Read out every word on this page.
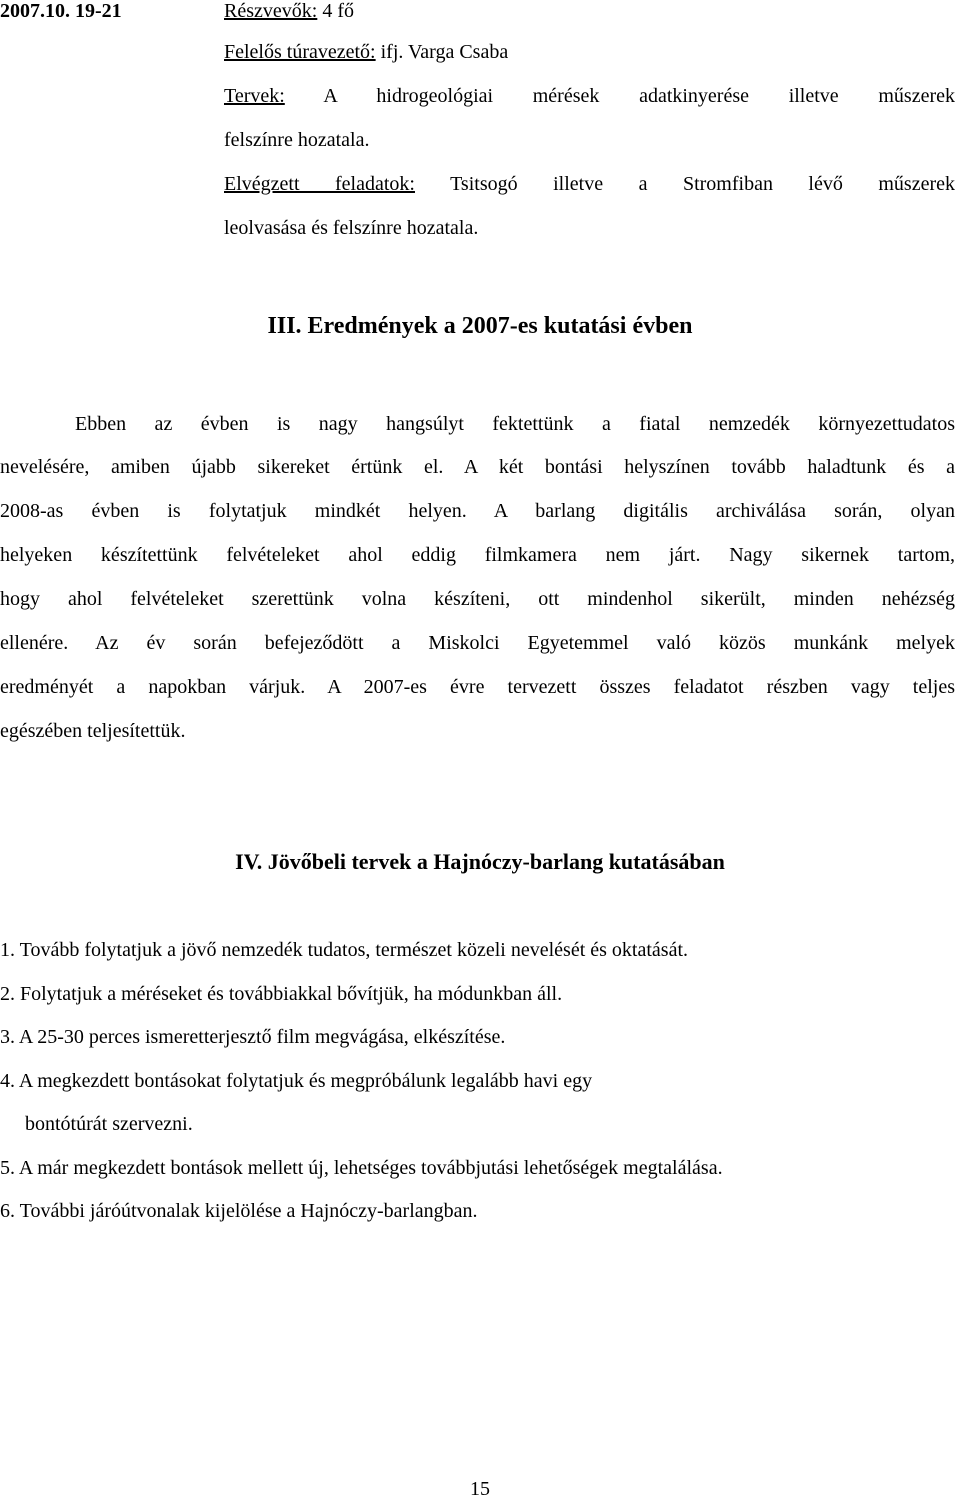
2007.10. 19-21	Részvevők: 4 fő
Felelős túravezető: ifj. Varga Csaba
Tervek: A hidrogeológiai mérések adatkinyerése illetve műszerek
felszínre hozatala.
Elvégzett feladatok: Tsitsogó illetve a Stromfiban lévő műszerek
leolvasása és felszínre hozatala.
III. Eredmények a 2007-es kutatási évben
Ebben az évben is nagy hangsúlyt fektettünk a fiatal nemzedék környezettudatos
nevelésére, amiben újabb sikereket értünk el. A két bontási helyszínen tovább haladtunk és a
2008-as évben is folytatjuk mindkét helyen. A barlang digitális archiválása során, olyan
helyeken készítettünk felvételeket ahol eddig filmkamera nem járt. Nagy sikernek tartom,
hogy ahol felvételeket szerettünk volna készíteni, ott mindenhol sikerült, minden nehézség
ellenére. Az év során befejeződött a Miskolci Egyetemmel való közös munkánk melyek
eredményét a napokban várjuk. A 2007-es évre tervezett összes feladatot részben vagy teljes
egészében teljesítettük.
IV. Jövőbeli tervek a Hajnóczy-barlang kutatásában
1. Tovább folytatjuk a jövő nemzedék tudatos, természet közeli nevelését és oktatását.
2. Folytatjuk a méréseket és továbbiakkal bővítjük, ha módunkban áll.
3. A 25-30 perces ismeretterjesztő film megvágása, elkészítése.
4. A megkezdett bontásokat folytatjuk és megpróbálunk legalább havi egy
bontótúrát szervezni.
5. A már megkezdett bontások mellett új, lehetséges továbbjutási lehetőségek megtalálása.
6. További járóútvonalak kijelölése a Hajnóczy-barlangban.
15
